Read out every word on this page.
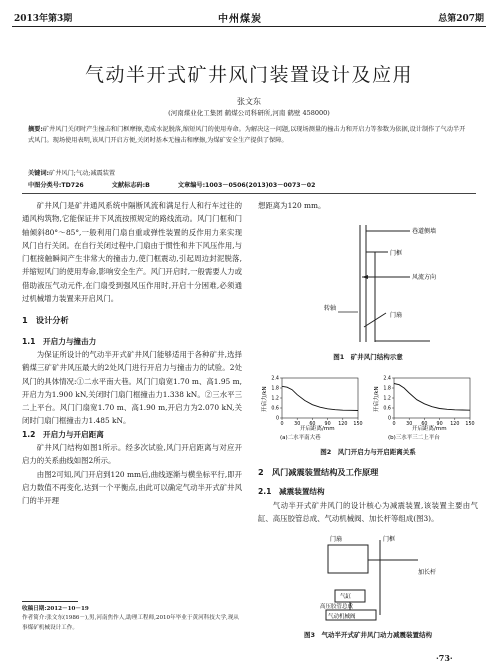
2013年第3期	中州煤炭	总第207期
气动半开式矿井风门装置设计及应用
张文东
(河南煤业化工集团 鹤煤公司科研所,河南 鹤壁 458000)
摘要:矿井风门关闭时产生撞击和门框摩擦,造成水泥脱落,缩短风门的使用寿命。为解决这一问题,以现场测量的撞击力和开启力等参数为依据,设计制作了气动半开式风门。现场使用表明,该风门开启方便,关闭时基本无撞击和摩擦,为煤矿安全生产提供了保障。
关键词:矿井风门;气动;减震装置
中图分类号:TD726	文献标志码:B	文章编号:1003－0506(2013)03－0073－02

矿井风门是矿井通风系统中隔断风流和满足行人和行车过往的通风构筑物,它能保证井下风流按照规定的路线流动。风门门框和门轴倾斜80°～85°,一般利用门扇自重或弹性装置的反作用力来实现风门自行关闭。在自行关闭过程中,门扇由于惯性和井下风压作用,与门框接触瞬间产生非常大的撞击力,使门框震动,引起周边封泥脱落,并缩短风门的使用寿命,影响安全生产。风门开启时,一般需要人力或借助液压气动元件,在门扇受到强风压作用时,开启十分困难,必须通过机械增力装置来开启风门。

1　设计分析

1.1　开启力与撞击力

为保证所设计的气动半开式矿井风门能够适用于各种矿井,选择鹤煤三矿矿井风压最大的2处风门进行开启力与撞击力的试验。2处风门的具体情况:①二水平南大巷。风门门扇宽1.70 m、高1.95 m,开启力为1.900 kN,关闭时门扇门框撞击力1.338 kN。②三水平三二上平台。风门门扇宽1.70 m、高1.90 m,开启力为2.070 kN,关闭时门扇门框撞击力1.485 kN。

1.2　开启力与开启距离

矿井风门结构如图1所示。经多次试验,风门开启距离与对应开启力的关系曲线如图2所示。

由图2可知,风门开启到120 mm后,曲线逐渐与横坐标平行,即开启力数值不再变化,达到一个平衡点,由此可以确定气动半开式矿井风门的半开理

想距离为120 mm。
巷道侧墙
门框
风流方向
转轴
门扇
图1　矿井风门结构示意
开启力/kN
0 30 60 90 120 150
0
0.6
1.2
1.8
2.4
开启距离/mm
(a)二水平南大巷
开启力/kN
0 30 60 90 120 150
0
0.6
1.2
1.8
2.4
开启距离/mm
(b)三水平三二上平台
图2　风门开启力与开启距离关系

2　风门减震装置结构及工作原理

2.1　减震装置结构

气动半开式矿井风门的设计核心为减震装置,该装置主要由气缸、高压胶管总成、气动机械阀、加长杆等组成(图3)。

门扇	门框
加长杆
气缸
高压胶管总成
气动机械阀
图3　气动半开式矿井风门动力减震装置结构

收稿日期:2012－10－19

作者简介:张文东(1986－),男,河南焦作人,助理工程师,2010年毕业于黄河科技大学,现从事煤矿机械设计工作。

·73·
